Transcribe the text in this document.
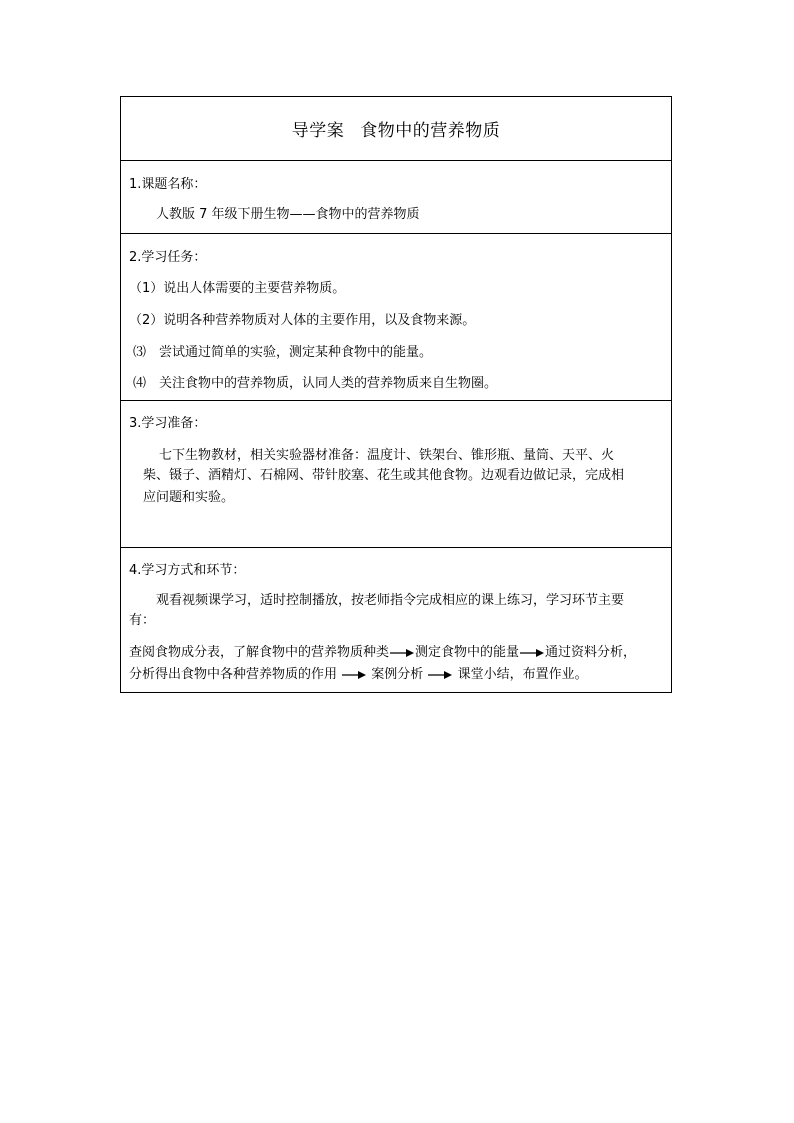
导学案 食物中的营养物质
1.课题名称：
人教版 7 年级下册生物——食物中的营养物质
2.学习任务：
（1）说出人体需要的主要营养物质。
（2）说明各种营养物质对人体的主要作用，以及食物来源。
⑶　尝试通过简单的实验，测定某种食物中的能量。
⑷　关注食物中的营养物质，认同人类的营养物质来自生物圈。
3.学习准备：
七下生物教材，相关实验器材准备：温度计、铁架台、锥形瓶、量筒、天平、火
柴、镊子、酒精灯、石棉网、带针胶塞、花生或其他食物。边观看边做记录，完成相
应问题和实验。
4.学习方式和环节：
观看视频课学习，适时控制播放，按老师指令完成相应的课上练习，学习环节主要
有：
查阅食物成分表，了解食物中的营养物质种类 测定食物中的能量 通过资料分析，
分析得出食物中各种营养物质的作用	案例分析	课堂小结，布置作业。
